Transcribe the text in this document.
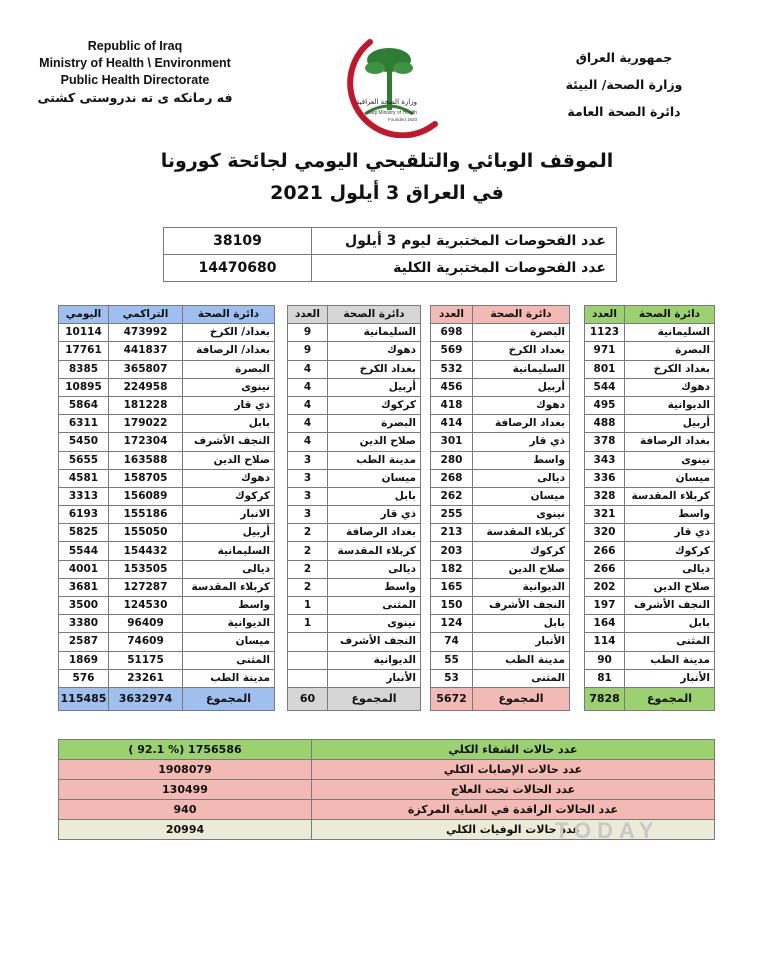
Republic of Iraq
Ministry of Health \ Environment
Public Health Directorate
فه رمانكه ى ته ندروستى كشتى	وزارة الصحة العراقية
Iraqi Ministry of Health
Founded 1920
جمهورية العراق
وزارة الصحة/ البيئة
دائرة الصحة العامة
الموقف الوبائي والتلقيحي اليومي لجائحة كورونا
في العراق 3 أيلول 2021
38109	عدد الفحوصات المختبرية ليوم 3 أيلول
14470680	عدد الفحوصات المختبرية الكلية
اليومي	التراكمي	دائرة الصحة
10114	473992	بغداد/ الكرخ
17761	441837	بغداد/ الرصافة
8385	365807	البصرة
10895	224958	نينوى
5864	181228	ذي قار
6311	179022	بابل
5450	172304	النجف الأشرف
5655	163588	صلاح الدين
4581	158705	دهوك
3313	156089	كركوك
6193	155186	الانبار
5825	155050	أربيل
5544	154432	السليمانية
4001	153505	ديالى
3681	127287	كربلاء المقدسة
3500	124530	واسط
3380	96409	الديوانية
2587	74609	ميسان
1869	51175	المثنى
576	23261	مدينة الطب
115485	3632974	المجموع
العدد	دائرة الصحة
9	السليمانية
9	دهوك
4	بغداد الكرخ
4	أربيل
4	كركوك
4	البصرة
4	صلاح الدين
3	مدينة الطب
3	ميسان
3	بابل
3	ذي قار
2	بغداد الرصافة
2	كربلاء المقدسة
2	ديالى
2	واسط
1	المثنى
1	نينوى
	النجف الأشرف
	الديوانية
	الأنبار
60	المجموع
العدد	دائرة الصحة
698	البصرة
569	بغداد الكرخ
532	السليمانية
456	أربيل
418	دهوك
414	بغداد الرصافة
301	ذي قار
280	واسط
268	ديالى
262	ميسان
255	نينوى
213	كربلاء المقدسة
203	كركوك
182	صلاح الدين
165	الديوانية
150	النجف الأشرف
124	بابل
74	الأنبار
55	مدينة الطب
53	المثنى
5672	المجموع
العدد	دائرة الصحة
1123	السليمانية
971	البصرة
801	بغداد الكرخ
544	دهوك
495	الديوانية
488	أربيل
378	بغداد الرصافة
343	نينوى
336	ميسان
328	كربلاء المقدسة
321	واسط
320	ذي قار
266	كركوك
266	ديالى
202	صلاح الدين
197	النجف الأشرف
164	بابل
114	المثنى
90	مدينة الطب
81	الأنبار
7828	المجموع
( 92.1 %) 1756586	عدد حالات الشفاء الكلي
1908079	عدد حالات الإصابات الكلي
130499	عدد الحالات تحت العلاج
940	عدد الحالات الراقدة في العناية المركزة
20994	عدد حالات الوفيات الكلي
TODAY
